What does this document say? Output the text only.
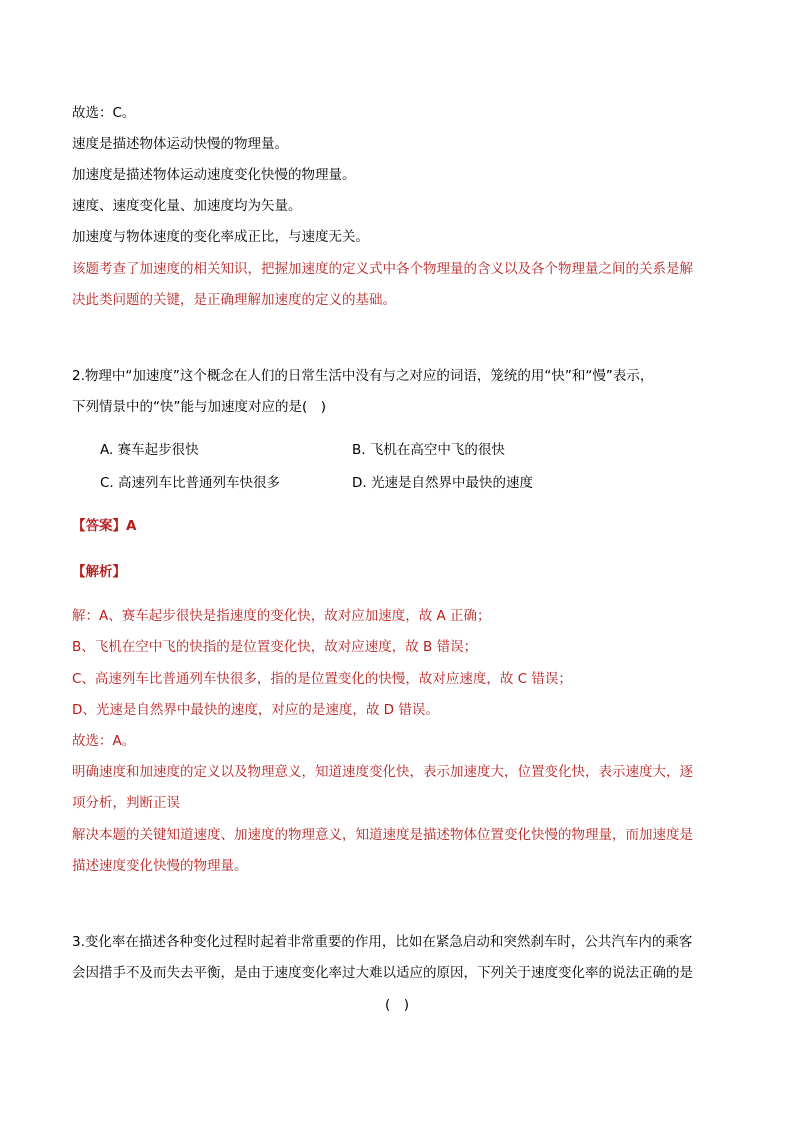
故选：C。
速度是描述物体运动快慢的物理量。
加速度是描述物体运动速度变化快慢的物理量。
速度、速度变化量、加速度均为矢量。
加速度与物体速度的变化率成正比，与速度无关。
该题考查了加速度的相关知识，把握加速度的定义式中各个物理量的含义以及各个物理量之间的关系是解
决此类问题的关键，是正确理解加速度的定义的基础。
2.物理中“加速度”这个概念在人们的日常生活中没有与之对应的词语，笼统的用“快”和“慢”表示，
下列情景中的“快”能与加速度对应的是(　)
A. 赛车起步很快	B. 飞机在高空中飞的很快
C. 高速列车比普通列车快很多	D. 光速是自然界中最快的速度
【答案】A
【解析】
解：A、赛车起步很快是指速度的变化快，故对应加速度，故 A 正确；
B、飞机在空中飞的快指的是位置变化快，故对应速度，故 B 错误；
C、高速列车比普通列车快很多，指的是位置变化的快慢，故对应速度，故 C 错误；
D、光速是自然界中最快的速度，对应的是速度，故 D 错误。
故选：A。
明确速度和加速度的定义以及物理意义，知道速度变化快，表示加速度大，位置变化快，表示速度大，逐
项分析，判断正误
解决本题的关键知道速度、加速度的物理意义，知道速度是描述物体位置变化快慢的物理量，而加速度是
描述速度变化快慢的物理量。
3.变化率在描述各种变化过程时起着非常重要的作用，比如在紧急启动和突然刹车时，公共汽车内的乘客
会因措手不及而失去平衡，是由于速度变化率过大难以适应的原因，下列关于速度变化率的说法正确的是
(　)
